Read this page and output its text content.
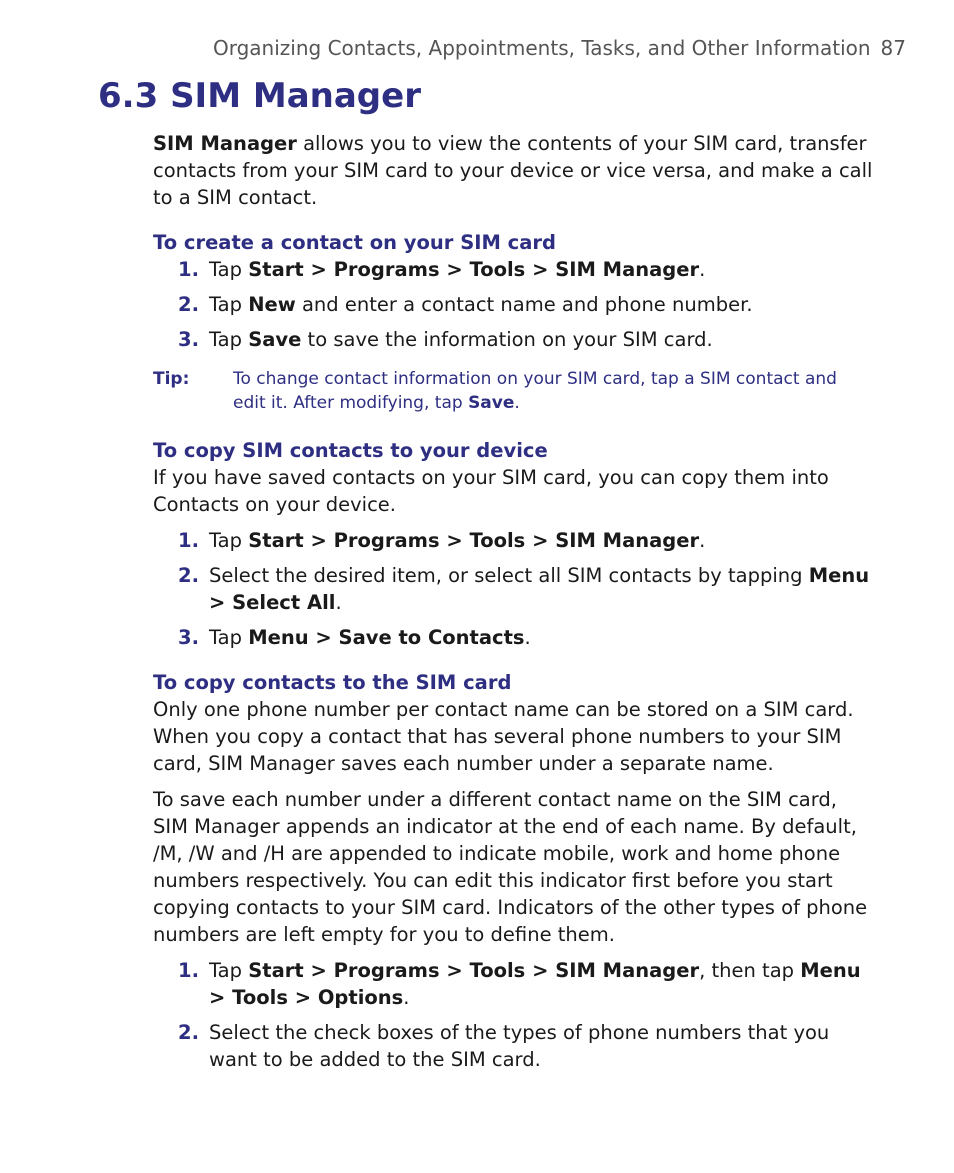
Organizing Contacts, Appointments, Tasks, and Other Information 87
6.3 SIM Manager

SIM Manager allows you to view the contents of your SIM card, transfer contacts from your SIM card to your device or vice versa, and make a call to a SIM contact.

To create a contact on your SIM card
1. Tap Start > Programs > Tools > SIM Manager.
2. Tap New and enter a contact name and phone number.
3. Tap Save to save the information on your SIM card.
Tip:	To change contact information on your SIM card, tap a SIM contact and edit it. After modifying, tap Save.
To copy SIM contacts to your device

If you have saved contacts on your SIM card, you can copy them into Contacts on your device.

1. Tap Start > Programs > Tools > SIM Manager.
2. Select the desired item, or select all SIM contacts by tapping Menu > Select All.
3. Tap Menu > Save to Contacts.
To copy contacts to the SIM card

Only one phone number per contact name can be stored on a SIM card. When you copy a contact that has several phone numbers to your SIM card, SIM Manager saves each number under a separate name.

To save each number under a different contact name on the SIM card, SIM Manager appends an indicator at the end of each name. By default, /M, /W and /H are appended to indicate mobile, work and home phone numbers respectively. You can edit this indicator first before you start copying contacts to your SIM card. Indicators of the other types of phone numbers are left empty for you to define them.

1. Tap Start > Programs > Tools > SIM Manager, then tap Menu > Tools > Options.
2. Select the check boxes of the types of phone numbers that you want to be added to the SIM card.
